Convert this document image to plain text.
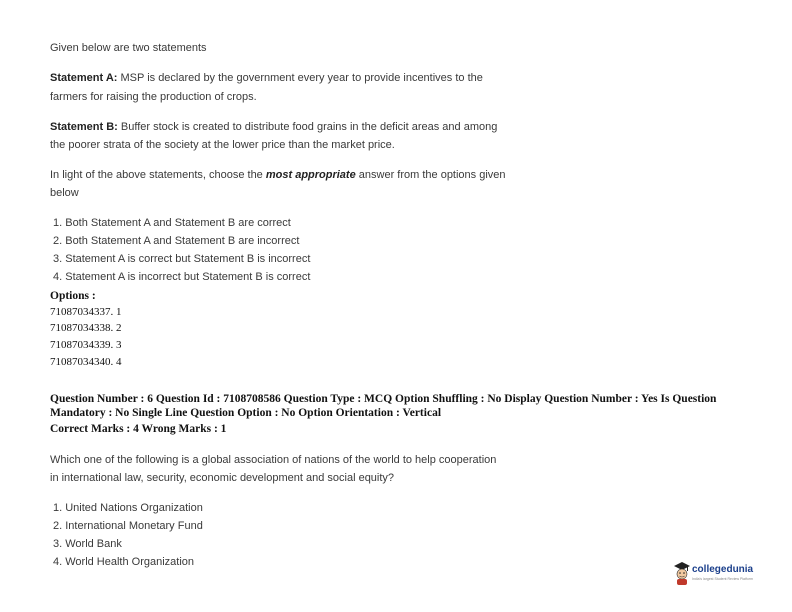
Given below are two statements
Statement A: MSP is declared by the government every year to provide incentives to the
farmers for raising the production of crops.
Statement B: Buffer stock is created to distribute food grains in the deficit areas and among
the poorer strata of the society at the lower price than the market price.
In light of the above statements, choose the most appropriate answer from the options given
below
1. Both Statement A and Statement B are correct
2. Both Statement A and Statement B are incorrect
3. Statement A is correct but Statement B is incorrect
4. Statement A is incorrect but Statement B is correct
Options :
71087034337. 1
71087034338. 2
71087034339. 3
71087034340. 4
Question Number : 6 Question Id : 7108708586 Question Type : MCQ Option Shuffling : No Display Question Number : Yes Is Question
Mandatory : No Single Line Question Option : No Option Orientation : Vertical
Correct Marks : 4 Wrong Marks : 1
Which one of the following is a global association of nations of the world to help cooperation
in international law, security, economic development and social equity?
1. United Nations Organization
2. International Monetary Fund
3. World Bank
4. World Health Organization
collegedunia
India's largest Student Review Platform
